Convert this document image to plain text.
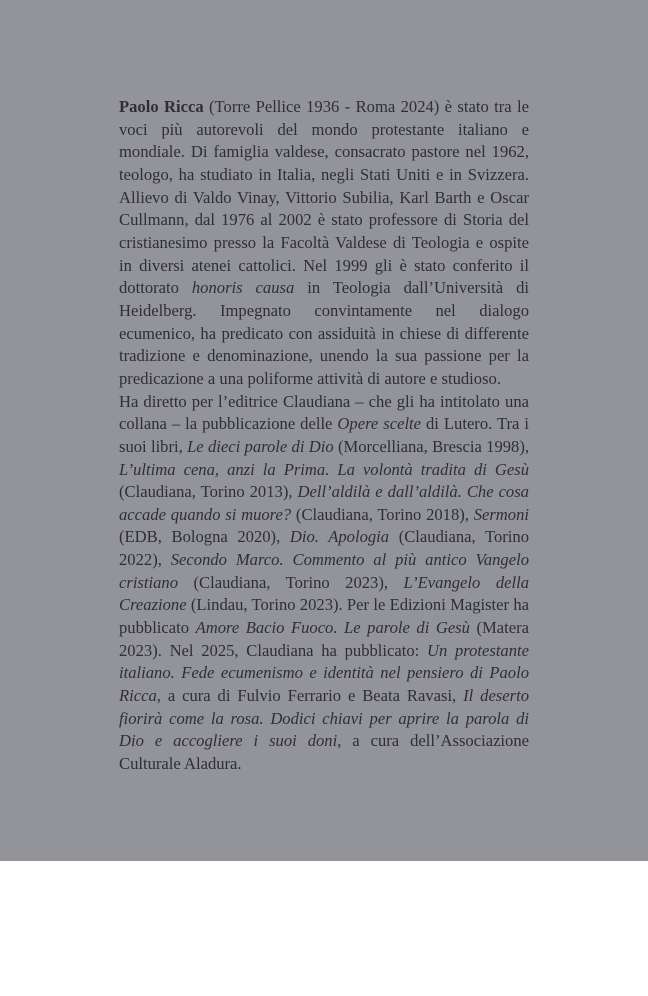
Paolo Ricca (Torre Pellice 1936 - Roma 2024) è stato tra le voci più autorevoli del mondo protestante italiano e mondiale. Di famiglia valdese, consacrato pastore nel 1962, teologo, ha studiato in Italia, negli Stati Uniti e in Svizzera. Allievo di Valdo Vinay, Vittorio Subilia, Karl Barth e Oscar Cullmann, dal 1976 al 2002 è stato professore di Storia del cristianesimo presso la Facoltà Valdese di Teologia e ospite in diversi atenei cattolici. Nel 1999 gli è stato conferito il dottorato honoris causa in Teologia dall’Università di Heidelberg. Impegnato convintamente nel dialogo ecumenico, ha predicato con assiduità in chiese di differente tradizione e denominazione, unendo la sua passione per la predicazione a una poliforme attività di autore e studioso.

Ha diretto per l’editrice Claudiana – che gli ha intitolato una collana – la pubblicazione delle Opere scelte di Lutero. Tra i suoi libri, Le dieci parole di Dio (Morcelliana, Brescia 1998), L’ultima cena, anzi la Prima. La volontà tradita di Gesù (Claudiana, Torino 2013), Dell’aldilà e dall’aldilà. Che cosa accade quando si muore? (Claudiana, Torino 2018), Sermoni (EDB, Bologna 2020), Dio. Apologia (Claudiana, Torino 2022), Secondo Marco. Commento al più antico Vangelo cristiano (Claudiana, Torino 2023), L’Evangelo della Creazione (Lindau, Torino 2023). Per le Edizioni Magister ha pubblicato Amore Bacio Fuoco. Le parole di Gesù (Matera 2023). Nel 2025, Claudiana ha pubblicato: Un protestante italiano. Fede ecumenismo e identità nel pensiero di Paolo Ricca, a cura di Fulvio Ferrario e Beata Ravasi, Il deserto fiorirà come la rosa. Dodici chiavi per aprire la parola di Dio e accogliere i suoi doni, a cura dell’Associazione Culturale Aladura.
